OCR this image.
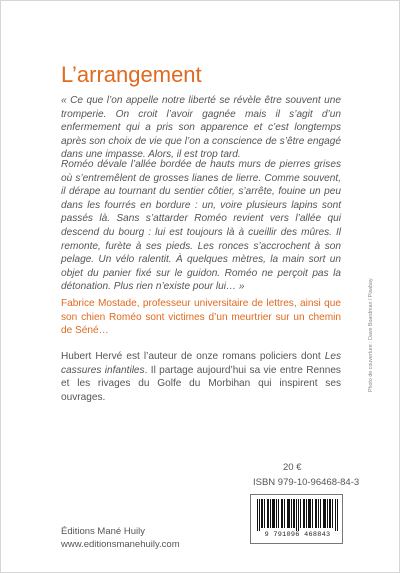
L’arrangement

« Ce que l’on appelle notre liberté se révèle être souvent une tromperie. On croit l’avoir gagnée mais il s’agit d’un enfermement qui a pris son apparence et c’est longtemps après son choix de vie que l’on a conscience de s’être engagé dans une impasse. Alors, il est trop tard.

Roméo dévale l’allée bordée de hauts murs de pierres grises où s’entremêlent de grosses lianes de lierre. Comme souvent, il dérape au tournant du sentier côtier, s’arrête, fouine un peu dans les fourrés en bordure : un, voire plusieurs lapins sont passés là. Sans s’attarder Roméo revient vers l’allée qui descend du bourg : lui est toujours là à cueillir des mûres. Il remonte, furète à ses pieds. Les ronces s’accrochent à son pelage. Un vélo ralentit. À quelques mètres, la main sort un objet du panier fixé sur le guidon. Roméo ne perçoit pas la détonation. Plus rien n’existe pour lui… »

Fabrice Mostade, professeur universitaire de lettres, ainsi que son chien Roméo sont victimes d’un meurtrier sur un chemin de Séné…

Hubert Hervé est l’auteur de onze romans policiers dont Les cassures infantiles. Il partage aujourd’hui sa vie entre Rennes et les rivages du Golfe du Morbihan qui inspirent ses ouvrages.

20 €
ISBN 979-10-96468-84-3
9 791096 468843
Éditions Mané Huily
www.editionsmanehuily.com
Photo de couverture : Dave Boardman / Pixabay
